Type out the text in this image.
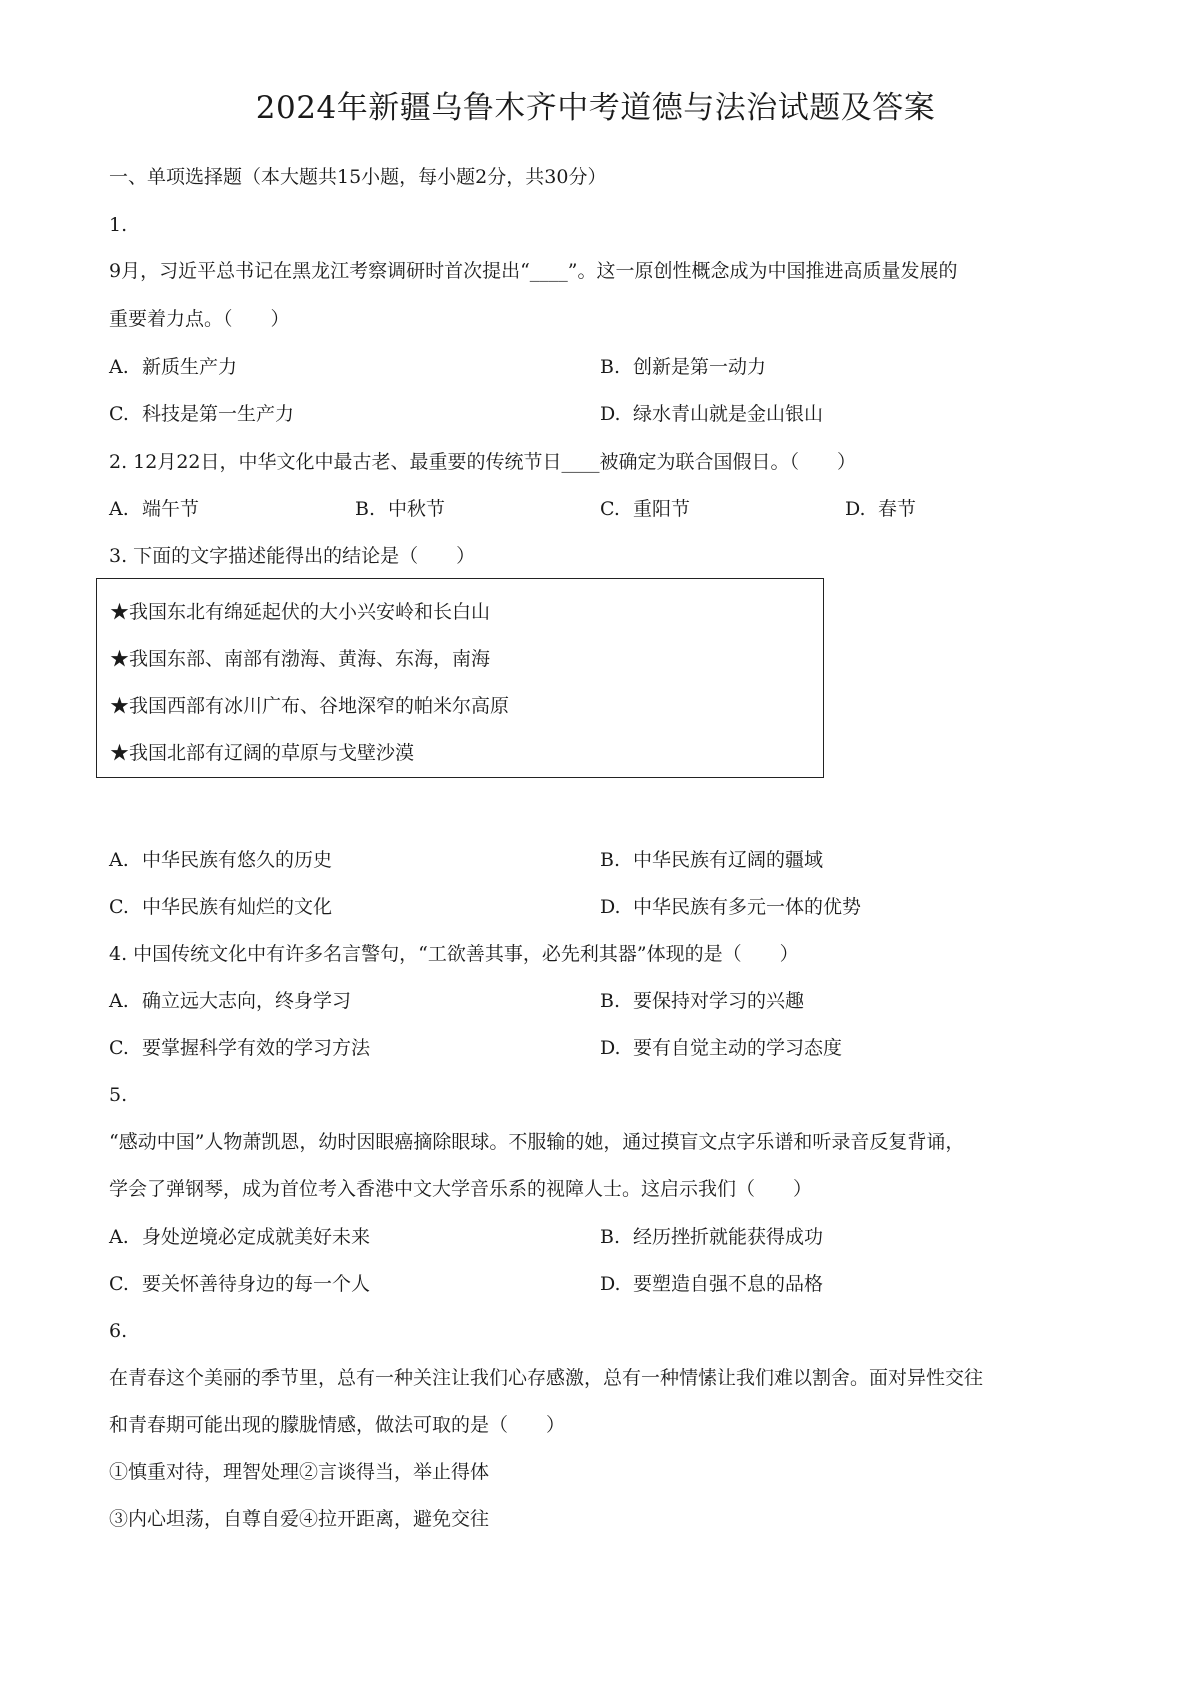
2024年新疆乌鲁木齐中考道德与法治试题及答案
一、单项选择题（本大题共15小题，每小题2分，共30分）
1.
9月，习近平总书记在黑龙江考察调研时首次提出“____”。这一原创性概念成为中国推进高质量发展的
重要着力点。（　　）
A. 新质生产力	B. 创新是第一动力
C. 科技是第一生产力	D. 绿水青山就是金山银山
2. 12月22日，中华文化中最古老、最重要的传统节日____被确定为联合国假日。（　　）
A. 端午节	B. 中秋节	C. 重阳节	D. 春节
3. 下面的文字描述能得出的结论是（　　）
★我国东北有绵延起伏的大小兴安岭和长白山
★我国东部、南部有渤海、黄海、东海，南海
★我国西部有冰川广布、谷地深窄的帕米尔高原
★我国北部有辽阔的草原与戈壁沙漠
A. 中华民族有悠久的历史	B. 中华民族有辽阔的疆域
C. 中华民族有灿烂的文化	D. 中华民族有多元一体的优势
4. 中国传统文化中有许多名言警句，“工欲善其事，必先利其器”体现的是（　　）
A. 确立远大志向，终身学习	B. 要保持对学习的兴趣
C. 要掌握科学有效的学习方法	D. 要有自觉主动的学习态度
5.
“感动中国”人物萧凯恩，幼时因眼癌摘除眼球。不服输的她，通过摸盲文点字乐谱和听录音反复背诵，
学会了弹钢琴，成为首位考入香港中文大学音乐系的视障人士。这启示我们（　　）
A. 身处逆境必定成就美好未来	B. 经历挫折就能获得成功
C. 要关怀善待身边的每一个人	D. 要塑造自强不息的品格
6.
在青春这个美丽的季节里，总有一种关注让我们心存感激，总有一种情愫让我们难以割舍。面对异性交往
和青春期可能出现的朦胧情感，做法可取的是（　　）
①慎重对待，理智处理②言谈得当，举止得体
③内心坦荡，自尊自爱④拉开距离，避免交往
